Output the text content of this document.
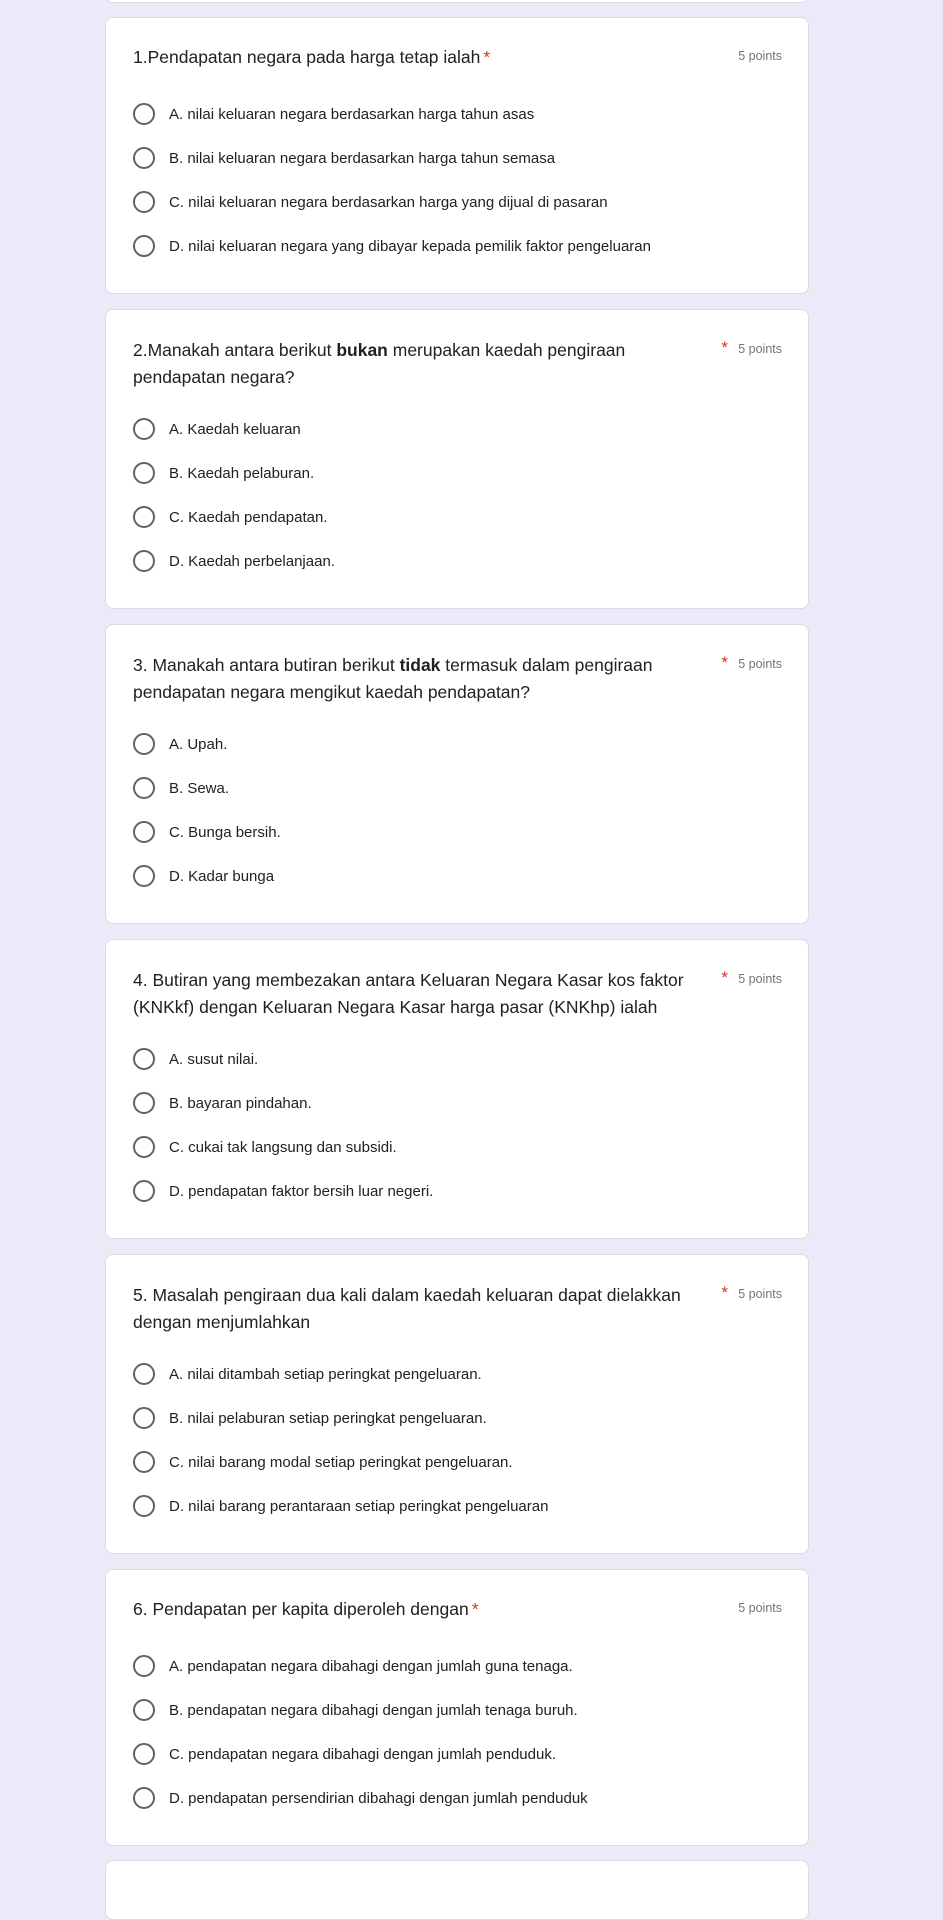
1.Pendapatan negara pada harga tetap ialah *	5 points
A. nilai keluaran negara berdasarkan harga tahun asas
B. nilai keluaran negara berdasarkan harga tahun semasa
C. nilai keluaran negara berdasarkan harga yang dijual di pasaran
D. nilai keluaran negara yang dibayar kepada pemilik faktor pengeluaran
2.Manakah antara berikut bukan merupakan kaedah pengiraan pendapatan negara?
* 5 points
A. Kaedah keluaran
B. Kaedah pelaburan.
C. Kaedah pendapatan.
D. Kaedah perbelanjaan.
3. Manakah antara butiran berikut tidak termasuk dalam pengiraan pendapatan negara mengikut kaedah pendapatan?
* 5 points
A. Upah.
B. Sewa.
C. Bunga bersih.
D. Kadar bunga
4. Butiran yang membezakan antara Keluaran Negara Kasar kos faktor (KNKkf) dengan Keluaran Negara Kasar harga pasar (KNKhp) ialah
* 5 points
A. susut nilai.
B. bayaran pindahan.
C. cukai tak langsung dan subsidi.
D. pendapatan faktor bersih luar negeri.
5. Masalah pengiraan dua kali dalam kaedah keluaran dapat dielakkan dengan menjumlahkan
* 5 points
A. nilai ditambah setiap peringkat pengeluaran.
B. nilai pelaburan setiap peringkat pengeluaran.
C. nilai barang modal setiap peringkat pengeluaran.
D. nilai barang perantaraan setiap peringkat pengeluaran
6. Pendapatan per kapita diperoleh dengan *	5 points
A. pendapatan negara dibahagi dengan jumlah guna tenaga.
B. pendapatan negara dibahagi dengan jumlah tenaga buruh.
C. pendapatan negara dibahagi dengan jumlah penduduk.
D. pendapatan persendirian dibahagi dengan jumlah penduduk
